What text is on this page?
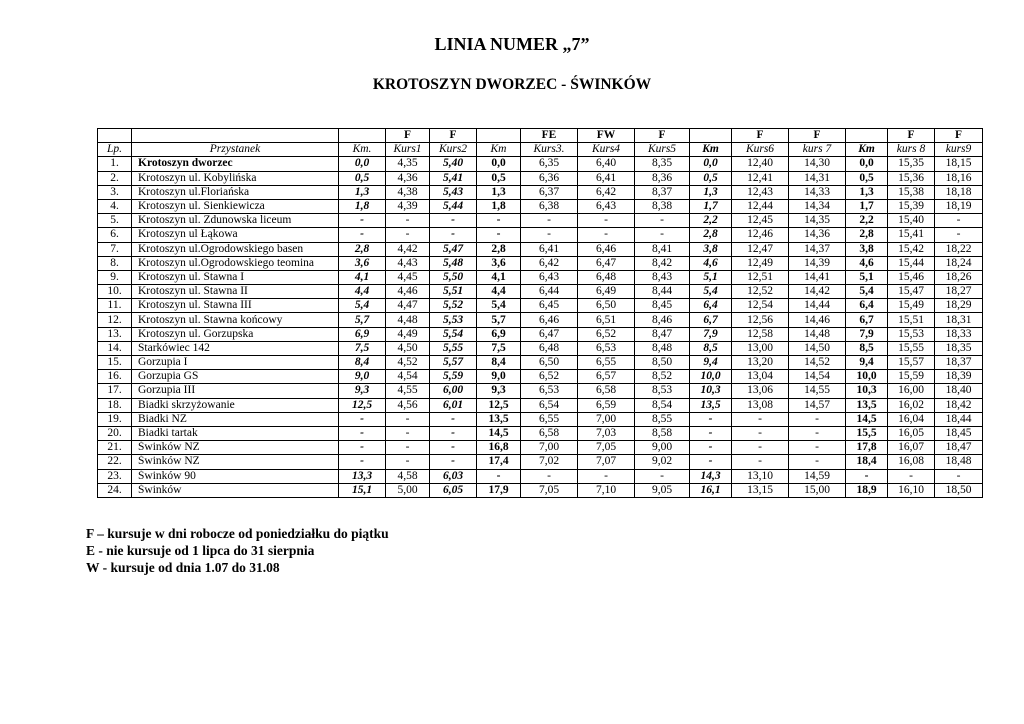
LINIA NUMER „7”
KROTOSZYN DWORZEC - ŚWINKÓW
			F	F		FE	FW	F		F	F		F	F
Lp.	Przystanek	Km.	Kurs1	Kurs2	Km	Kurs3.	Kurs4	Kurs5	Km	Kurs6	kurs 7	Km	kurs 8	kurs9
1.	Krotoszyn dworzec	0,0	4,35	5,40	0,0	6,35	6,40	8,35	0,0	12,40	14,30	0,0	15,35	18,15
2.	Krotoszyn ul. Kobylińska	0,5	4,36	5,41	0,5	6,36	6,41	8,36	0,5	12,41	14,31	0,5	15,36	18,16
3.	Krotoszyn ul.Floriańska	1,3	4,38	5,43	1,3	6,37	6,42	8,37	1,3	12,43	14,33	1,3	15,38	18,18
4.	Krotoszyn ul. Sienkiewicza	1,8	4,39	5,44	1,8	6,38	6,43	8,38	1,7	12,44	14,34	1,7	15,39	18,19
5.	Krotoszyn ul. Zdunowska liceum	-	-	-	-	-	-	-	2,2	12,45	14,35	2,2	15,40	-
6.	Krotoszyn ul Łąkowa	-	-	-	-	-	-	-	2,8	12,46	14,36	2,8	15,41	-
7.	Krotoszyn ul.Ogrodowskiego basen	2,8	4,42	5,47	2,8	6,41	6,46	8,41	3,8	12,47	14,37	3,8	15,42	18,22
8.	Krotoszyn ul.Ogrodowskiego teomina	3,6	4,43	5,48	3,6	6,42	6,47	8,42	4,6	12,49	14,39	4,6	15,44	18,24
9.	Krotoszyn ul. Stawna I	4,1	4,45	5,50	4,1	6,43	6,48	8,43	5,1	12,51	14,41	5,1	15,46	18,26
10.	Krotoszyn ul. Stawna II	4,4	4,46	5,51	4,4	6,44	6,49	8,44	5,4	12,52	14,42	5,4	15,47	18,27
11.	Krotoszyn ul. Stawna III	5,4	4,47	5,52	5,4	6,45	6,50	8,45	6,4	12,54	14,44	6,4	15,49	18,29
12.	Krotoszyn ul. Stawna końcowy	5,7	4,48	5,53	5,7	6,46	6,51	8,46	6,7	12,56	14,46	6,7	15,51	18,31
13.	Krotoszyn ul. Gorzupska	6,9	4,49	5,54	6,9	6,47	6,52	8,47	7,9	12,58	14,48	7,9	15,53	18,33
14.	Starkówiec 142	7,5	4,50	5,55	7,5	6,48	6,53	8,48	8,5	13,00	14,50	8,5	15,55	18,35
15.	Gorzupia I	8,4	4,52	5,57	8,4	6,50	6,55	8,50	9,4	13,20	14,52	9,4	15,57	18,37
16.	Gorzupia GS	9,0	4,54	5,59	9,0	6,52	6,57	8,52	10,0	13,04	14,54	10,0	15,59	18,39
17.	Gorzupia III	9,3	4,55	6,00	9,3	6,53	6,58	8,53	10,3	13,06	14,55	10,3	16,00	18,40
18.	Biadki skrzyżowanie	12,5	4,56	6,01	12,5	6,54	6,59	8,54	13,5	13,08	14,57	13,5	16,02	18,42
19.	Biadki NZ	-	-	-	13,5	6,55	7,00	8,55	-	-	-	14,5	16,04	18,44
20.	Biadki tartak	-	-	-	14,5	6,58	7,03	8,58	-	-	-	15,5	16,05	18,45
21.	Świnków NZ	-	-	-	16,8	7,00	7,05	9,00	-	-	-	17,8	16,07	18,47
22.	Świnków NZ	-	-	-	17,4	7,02	7,07	9,02	-	-	-	18,4	16,08	18,48
23.	Świnków 90	13,3	4,58	6,03	-	-	-	-	14,3	13,10	14,59	-	-	-
24.	Świnków	15,1	5,00	6,05	17,9	7,05	7,10	9,05	16,1	13,15	15,00	18,9	16,10	18,50
F – kursuje w dni robocze od poniedziałku do piątku
E - nie kursuje od 1 lipca do 31 sierpnia
W - kursuje od dnia 1.07 do 31.08
